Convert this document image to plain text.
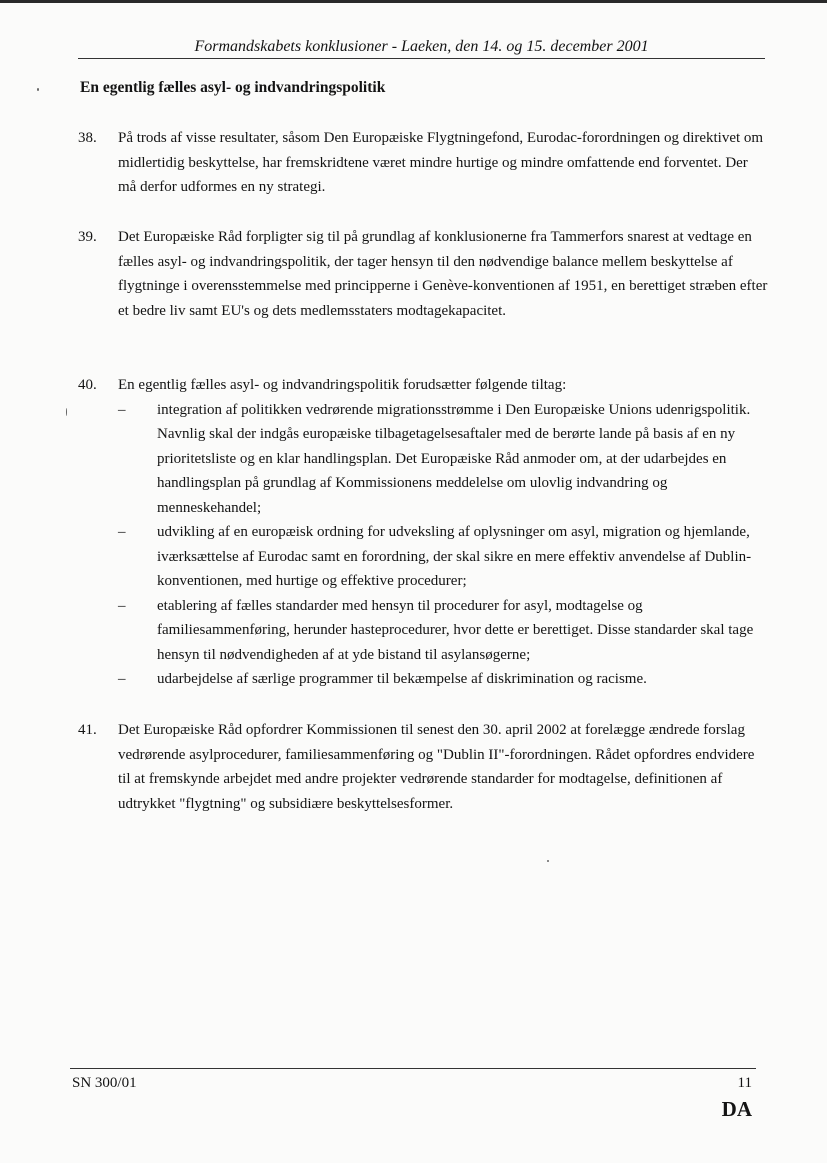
Formandskabets konklusioner - Laeken, den 14. og 15. december 2001
En egentlig fælles asyl- og indvandringspolitik
38. På trods af visse resultater, såsom Den Europæiske Flygtningefond, Eurodac-forordningen og direktivet om midlertidig beskyttelse, har fremskridtene været mindre hurtige og mindre omfattende end forventet. Der må derfor udformes en ny strategi.
39. Det Europæiske Råd forpligter sig til på grundlag af konklusionerne fra Tammerfors snarest at vedtage en fælles asyl- og indvandringspolitik, der tager hensyn til den nødvendige balance mellem beskyttelse af flygtninge i overensstemmelse med principperne i Genève-konventionen af 1951, en berettiget stræben efter et bedre liv samt EU's og dets medlemsstaters modtagekapacitet.
40. En egentlig fælles asyl- og indvandringspolitik forudsætter følgende tiltag:
– integration af politikken vedrørende migrationsstrømme i Den Europæiske Unions udenrigspolitik. Navnlig skal der indgås europæiske tilbagetagelsesaftaler med de berørte lande på basis af en ny prioritetsliste og en klar handlingsplan. Det Europæiske Råd anmoder om, at der udarbejdes en handlingsplan på grundlag af Kommissionens meddelelse om ulovlig indvandring og menneskehandel;
– udvikling af en europæisk ordning for udveksling af oplysninger om asyl, migration og hjemlande, iværksættelse af Eurodac samt en forordning, der skal sikre en mere effektiv anvendelse af Dublin-konventionen, med hurtige og effektive procedurer;
– etablering af fælles standarder med hensyn til procedurer for asyl, modtagelse og familiesammenføring, herunder hasteprocedurer, hvor dette er berettiget. Disse standarder skal tage hensyn til nødvendigheden af at yde bistand til asylansøgerne;
– udarbejdelse af særlige programmer til bekæmpelse af diskrimination og racisme.
41. Det Europæiske Råd opfordrer Kommissionen til senest den 30. april 2002 at forelægge ændrede forslag vedrørende asylprocedurer, familiesammenføring og "Dublin II"-forordningen. Rådet opfordres endvidere til at fremskynde arbejdet med andre projekter vedrørende standarder for modtagelse, definitionen af udtrykket "flygtning" og subsidiære beskyttelsesformer.
SN 300/01	11
DA
